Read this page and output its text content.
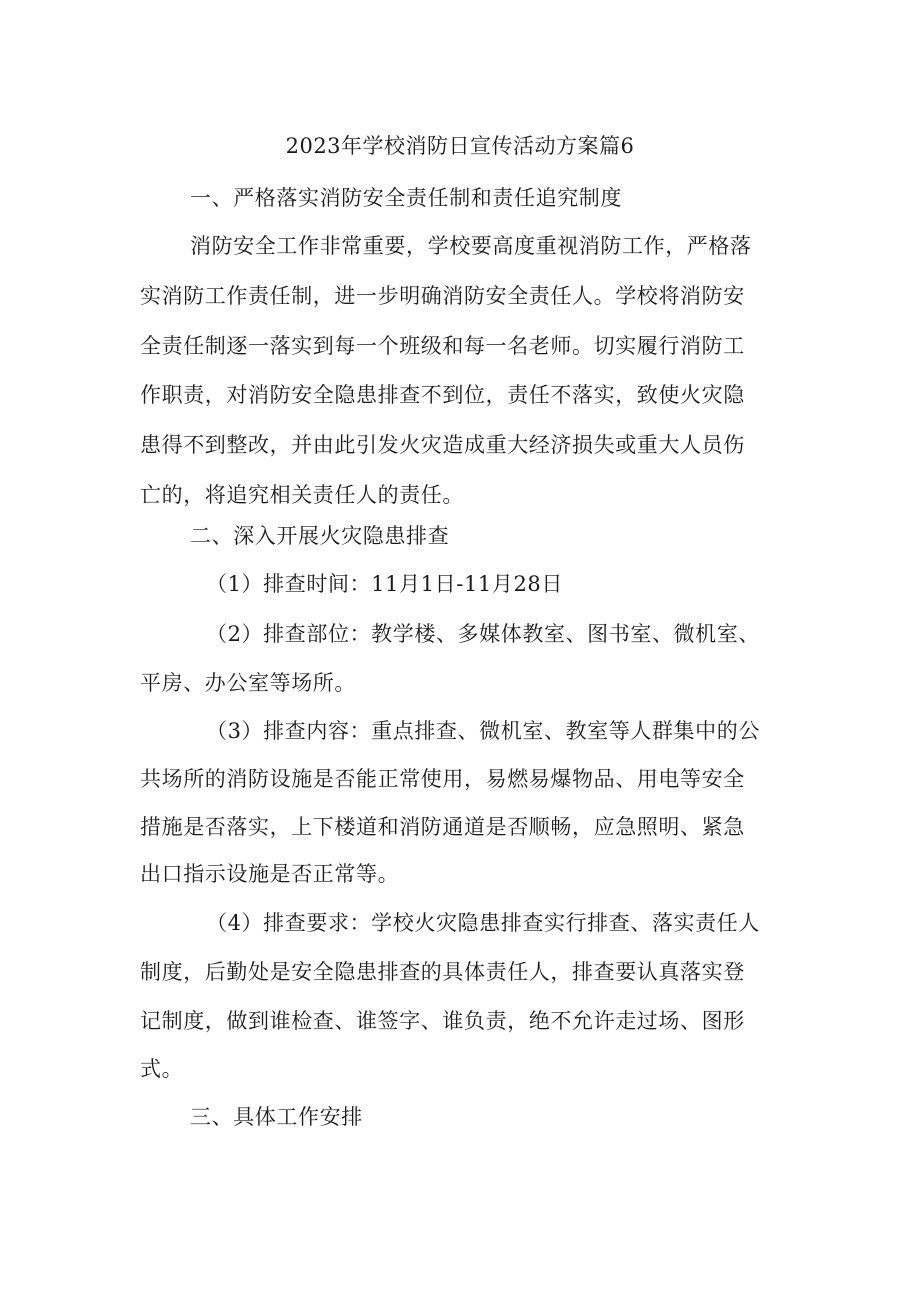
2023年学校消防日宣传活动方案篇6
一、严格落实消防安全责任制和责任追究制度
消防安全工作非常重要，学校要高度重视消防工作，严格落
实消防工作责任制，进一步明确消防安全责任人。学校将消防安
全责任制逐一落实到每一个班级和每一名老师。切实履行消防工
作职责，对消防安全隐患排查不到位，责任不落实，致使火灾隐
患得不到整改，并由此引发火灾造成重大经济损失或重大人员伤
亡的，将追究相关责任人的责任。
二、深入开展火灾隐患排查
（1）排查时间：11月1日-11月28日
（2）排查部位：教学楼、多媒体教室、图书室、微机室、
平房、办公室等场所。
（3）排查内容：重点排查、微机室、教室等人群集中的公
共场所的消防设施是否能正常使用，易燃易爆物品、用电等安全
措施是否落实，上下楼道和消防通道是否顺畅，应急照明、紧急
出口指示设施是否正常等。
（4）排查要求：学校火灾隐患排查实行排查、落实责任人
制度，后勤处是安全隐患排查的具体责任人，排查要认真落实登
记制度，做到谁检查、谁签字、谁负责，绝不允许走过场、图形
式。
三、具体工作安排
